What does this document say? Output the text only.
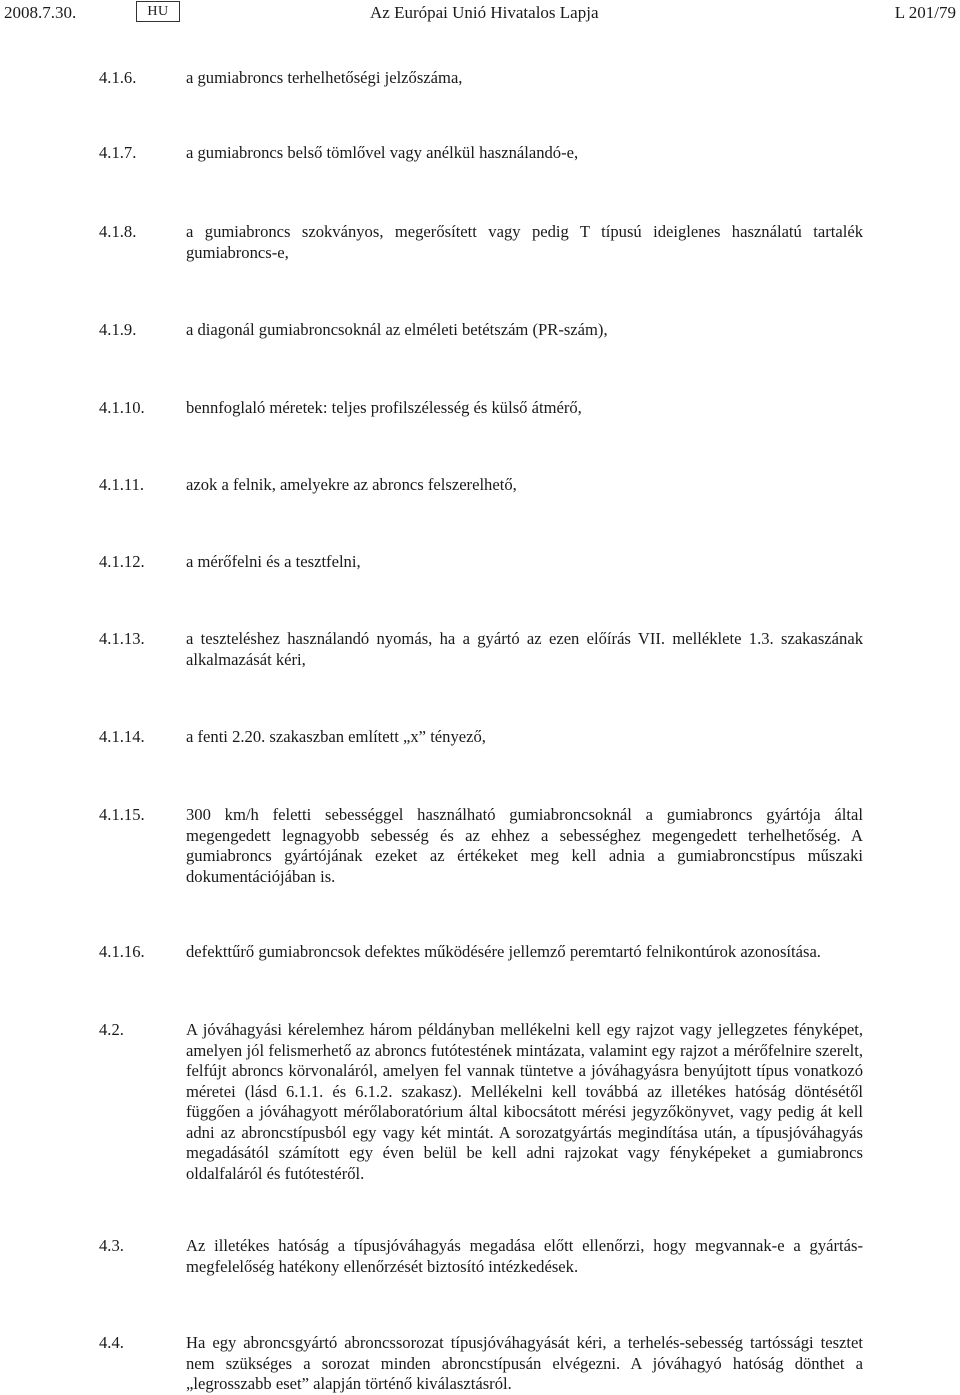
2008.7.30.	HU	Az Európai Unió Hivatalos Lapja	L 201/79
4.1.6.	a gumiabroncs terhelhetőségi jelzőszáma,
4.1.7.	a gumiabroncs belső tömlővel vagy anélkül használandó-e,
4.1.8.	a gumiabroncs szokványos, megerősített vagy pedig T típusú ideiglenes használatú tartalék gumiabroncs-e,
4.1.9.	a diagonál gumiabroncsoknál az elméleti betétszám (PR-szám),
4.1.10. bennfoglaló méretek: teljes profilszélesség és külső átmérő,
4.1.11.	azok a felnik, amelyekre az abroncs felszerelhető,
4.1.12. a mérőfelni és a tesztfelni,
4.1.13. a teszteléshez használandó nyomás, ha a gyártó az ezen előírás VII. melléklete 1.3. szakaszának alkalmazását kéri,
4.1.14. a fenti 2.20. szakaszban említett „x” tényező,
4.1.15. 300 km/h feletti sebességgel használható gumiabroncsoknál a gumiabroncs gyártója által megengedett legnagyobb sebesség és az ehhez a sebességhez megengedett terhelhetőség. A gumiabroncs gyártójának ezeket az értékeket meg kell adnia a gumiabroncstípus műszaki dokumentációjában is.
4.1.16. defekttűrő gumiabroncsok defektes működésére jellemző peremtartó felnikontúrok azonosítása.
4.2.	A jóváhagyási kérelemhez három példányban mellékelni kell egy rajzot vagy jellegzetes fényképet, amelyen jól felismerhető az abroncs futótestének mintázata, valamint egy rajzot a mérőfelnire szerelt, felfújt abroncs körvonaláról, amelyen fel vannak tüntetve a jóváhagyásra benyújtott típus vonatkozó méretei (lásd 6.1.1. és 6.1.2. szakasz). Mellékelni kell továbbá az illetékes hatóság döntésétől függően a jóváhagyott mérőlaboratórium által kibocsátott mérési jegyzőkönyvet, vagy pedig át kell adni az abroncstípusból egy vagy két mintát. A sorozatgyártás megindítása után, a típusjóváhagyás megadásától számított egy éven belül be kell adni rajzokat vagy fényképeket a gumiabroncs oldalfaláról és futótestéről.
4.3.	Az illetékes hatóság a típusjóváhagyás megadása előtt ellenőrzi, hogy megvannak-e a gyártásmegfelelőség hatékony ellenőrzését biztosító intézkedések.
4.4.	Ha egy abroncsgyártó abroncssorozat típusjóváhagyását kéri, a terhelés-sebesség tartóssági tesztet nem szükséges a sorozat minden abroncstípusán elvégezni. A jóváhagyó hatóság dönthet a „legrosszabb eset” alapján történő kiválasztásról.
